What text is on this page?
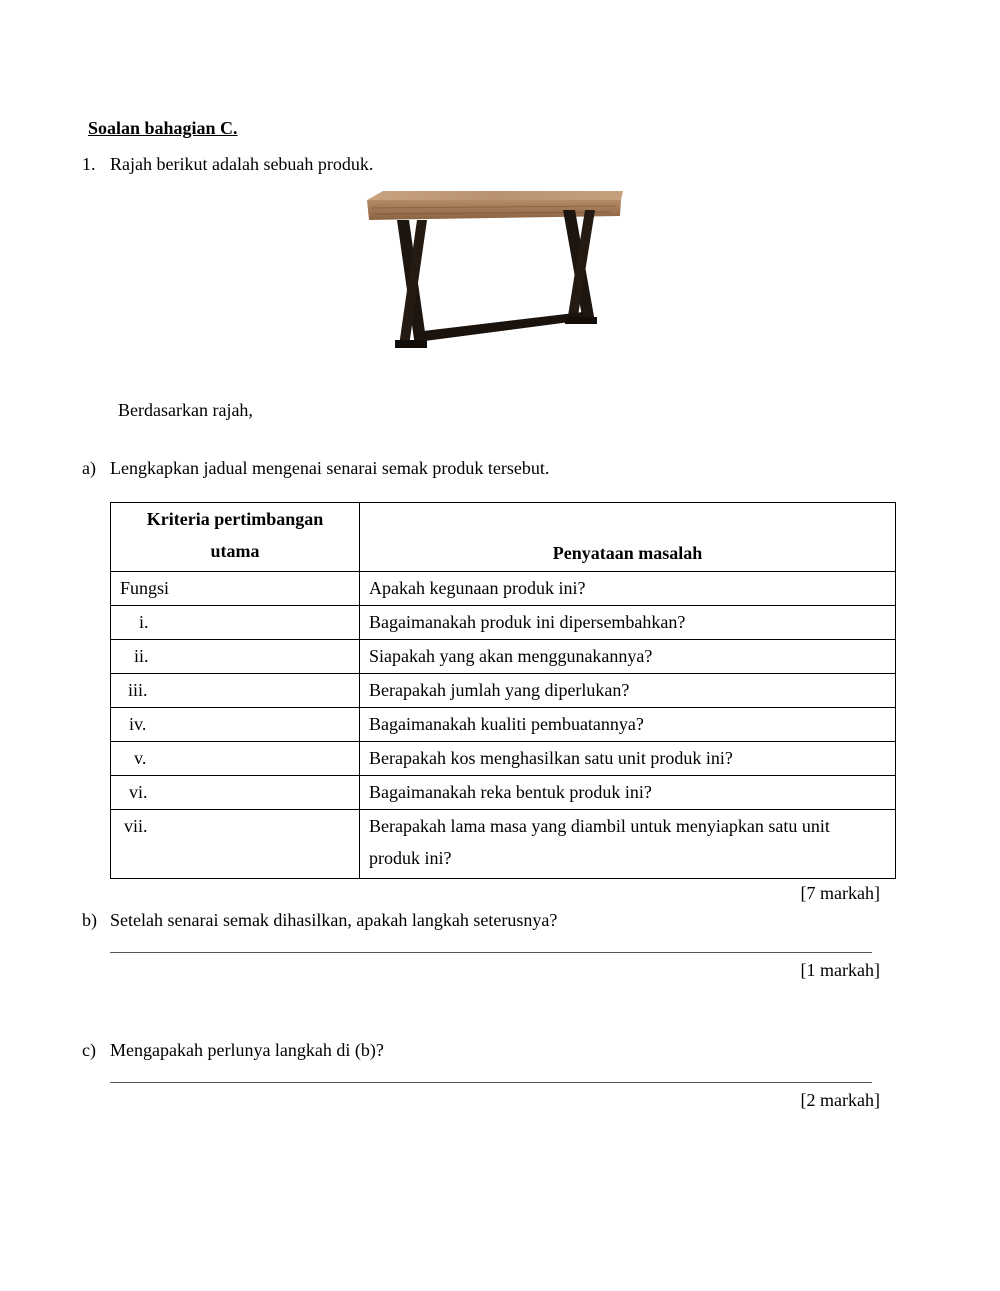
Soalan bahagian C.
1. Rajah berikut adalah sebuah produk.
Berdasarkan rajah,
a) Lengkapkan jadual mengenai senarai semak produk tersebut.
Kriteria pertimbangan
utama	Penyataan masalah

Fungsi	Apakah kegunaan produk ini?
i.	Bagaimanakah produk ini dipersembahkan?
ii.	Siapakah yang akan menggunakannya?
iii.	Berapakah jumlah yang diperlukan?
iv.	Bagaimanakah kualiti pembuatannya?
v.	Berapakah kos menghasilkan satu unit produk ini?
vi.	Bagaimanakah reka bentuk produk ini?
vii.	Berapakah lama masa yang diambil untuk menyiapkan satu unit
produk ini?
[7 markah]
b) Setelah senarai semak dihasilkan, apakah langkah seterusnya?
[1 markah]
c) Mengapakah perlunya langkah di (b)?
[2 markah]
